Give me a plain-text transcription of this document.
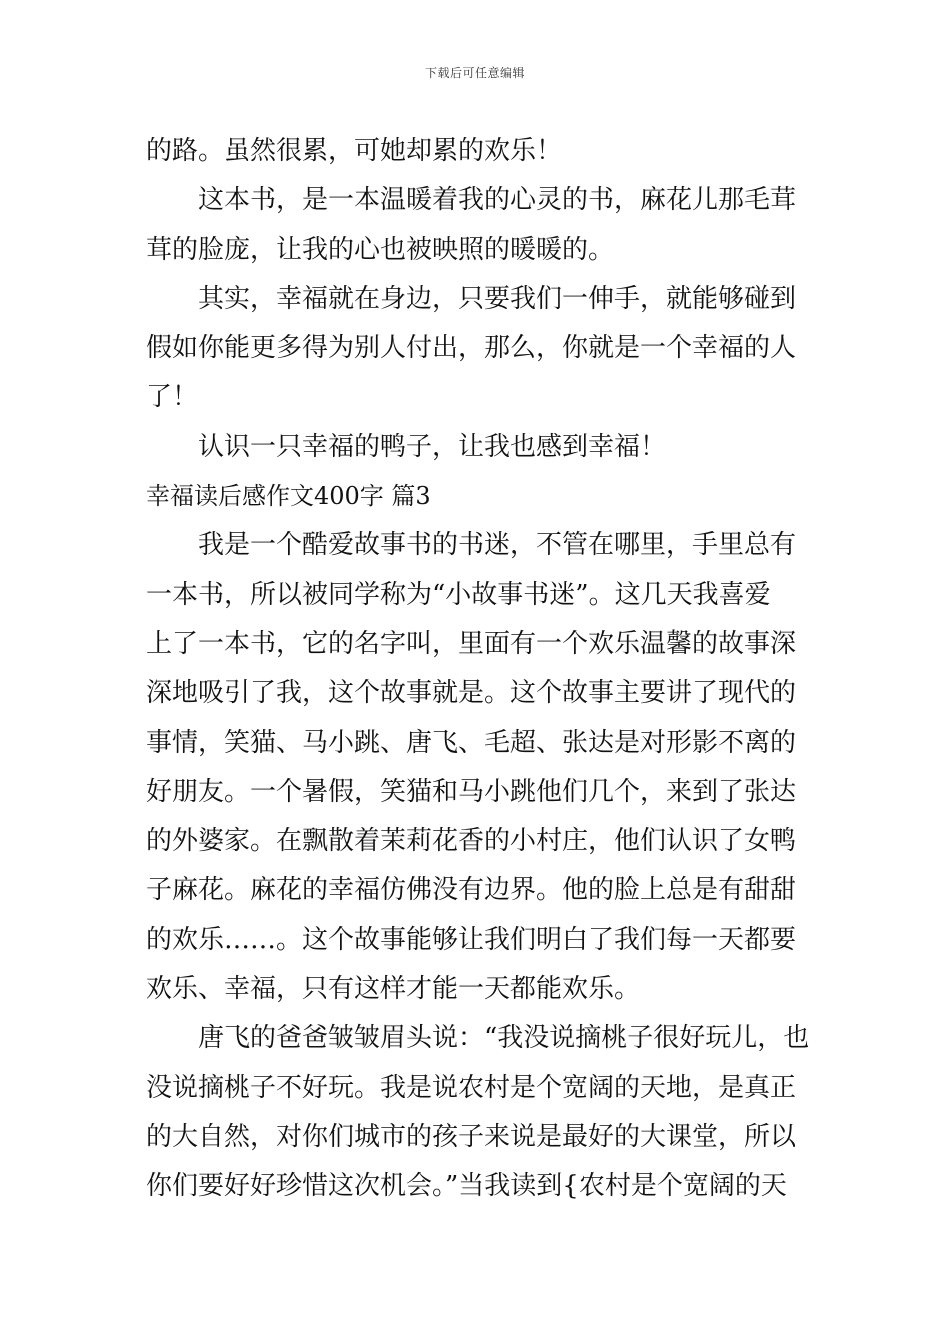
下载后可任意编辑
的路。虽然很累，可她却累的欢乐！
这本书，是一本温暖着我的心灵的书，麻花儿那毛茸
茸的脸庞，让我的心也被映照的暖暖的。
其实，幸福就在身边，只要我们一伸手，就能够碰到
假如你能更多得为别人付出，那么，你就是一个幸福的人
了！
认识一只幸福的鸭子，让我也感到幸福！
幸福读后感作文400字 篇3
我是一个酷爱故事书的书迷，不管在哪里，手里总有
一本书，所以被同学称为“小故事书迷”。这几天我喜爱
上了一本书，它的名字叫，里面有一个欢乐温馨的故事深
深地吸引了我，这个故事就是。这个故事主要讲了现代的
事情，笑猫、马小跳、唐飞、毛超、张达是对形影不离的
好朋友。一个暑假，笑猫和马小跳他们几个，来到了张达
的外婆家。在飘散着茉莉花香的小村庄，他们认识了女鸭
子麻花。麻花的幸福仿佛没有边界。他的脸上总是有甜甜
的欢乐……。这个故事能够让我们明白了我们每一天都要
欢乐、幸福，只有这样才能一天都能欢乐。
唐飞的爸爸皱皱眉头说：“我没说摘桃子很好玩儿，也
没说摘桃子不好玩。我是说农村是个宽阔的天地，是真正
的大自然，对你们城市的孩子来说是最好的大课堂，所以
你们要好好珍惜这次机会。”当我读到{农村是个宽阔的天
